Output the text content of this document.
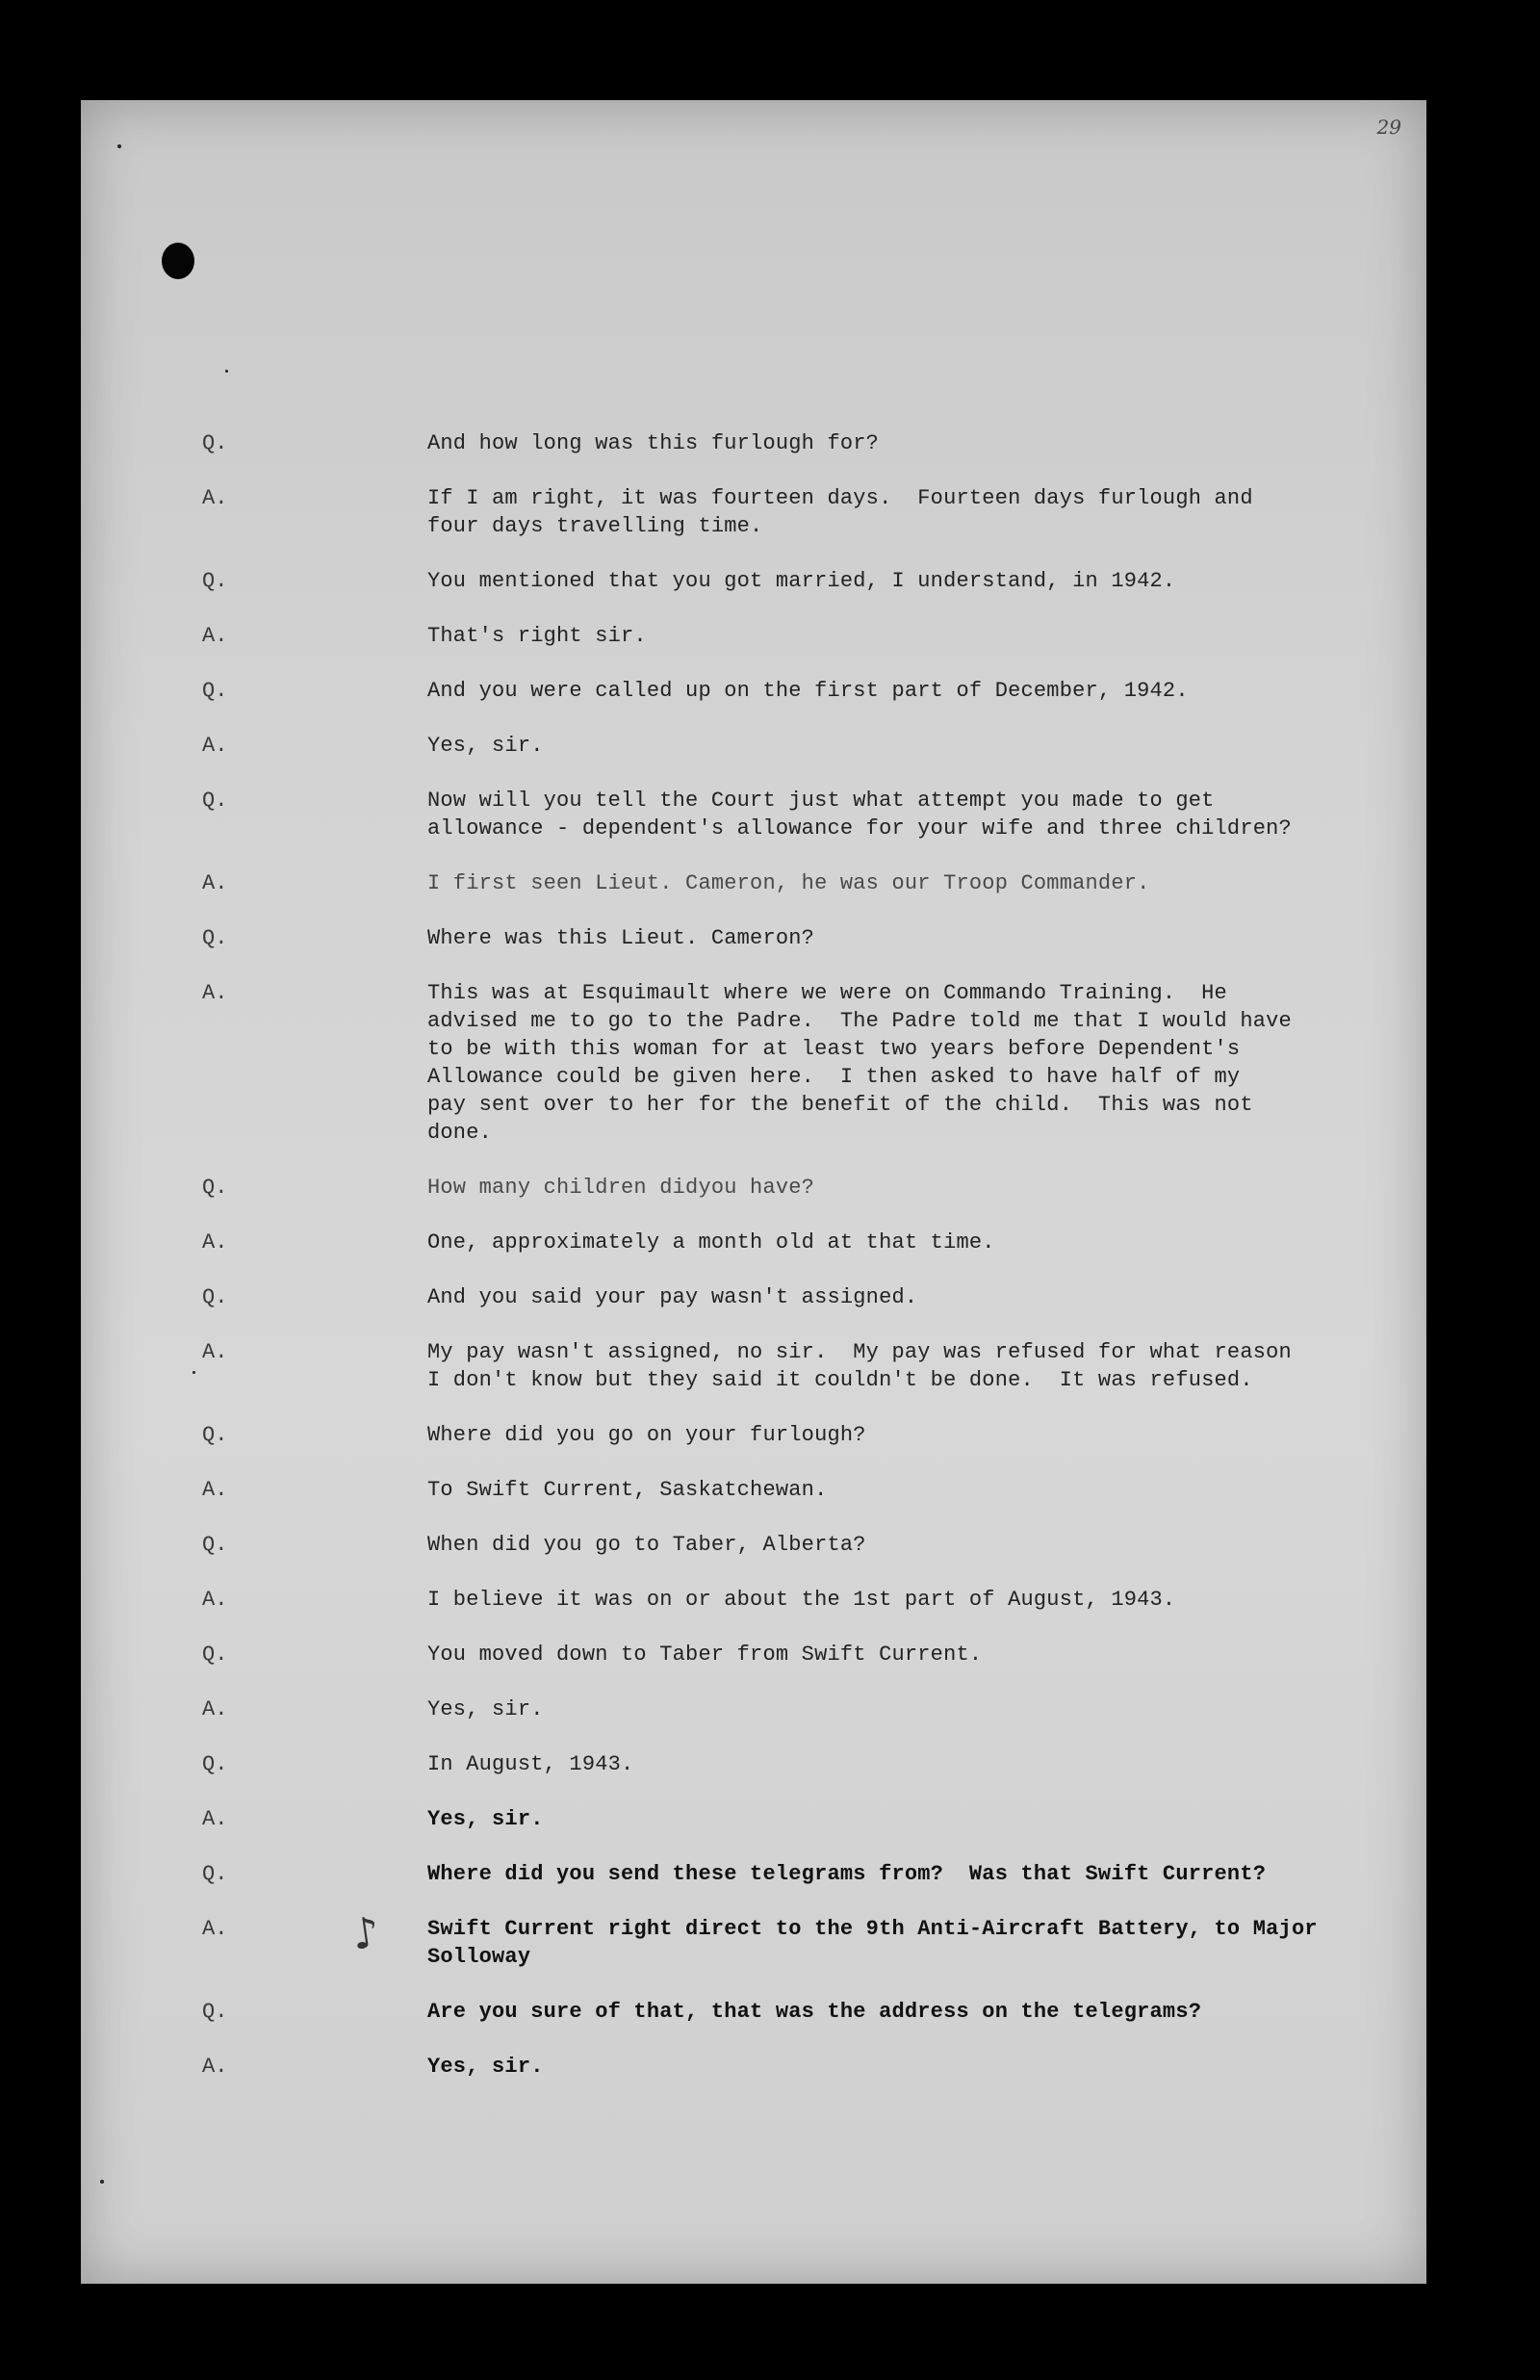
29
Q.	And how long was this furlough for?
A.	If I am right, it was fourteen days.  Fourteen days furlough and
four days travelling time.
Q.	You mentioned that you got married, I understand, in 1942.
A.	That's right sir.
Q.	And you were called up on the first part of December, 1942.
A.	Yes, sir.
Q.	Now will you tell the Court just what attempt you made to get
allowance - dependent's allowance for your wife and three children?
A.	I first seen Lieut. Cameron, he was our Troop Commander.
Q.	Where was this Lieut. Cameron?
A.	This was at Esquimault where we were on Commando Training.  He
advised me to go to the Padre.  The Padre told me that I would have
to be with this woman for at least two years before Dependent's
Allowance could be given here.  I then asked to have half of my
pay sent over to her for the benefit of the child.  This was not
done.
Q.	How many children didyou have?
A.	One, approximately a month old at that time.
Q.	And you said your pay wasn't assigned.
A.	My pay wasn't assigned, no sir.  My pay was refused for what reason
I don't know but they said it couldn't be done.  It was refused.
Q.	Where did you go on your furlough?
A.	To Swift Current, Saskatchewan.
Q.	When did you go to Taber, Alberta?
A.	I believe it was on or about the 1st part of August, 1943.
Q.	You moved down to Taber from Swift Current.
A.	Yes, sir.
Q.	In August, 1943.
A.	Yes, sir.
Q.	Where did you send these telegrams from?  Was that Swift Current?
A.	Swift Current right direct to the 9th Anti-Aircraft Battery, to Major
Solloway
♪
Q.	Are you sure of that, that was the address on the telegrams?
A.	Yes, sir.
